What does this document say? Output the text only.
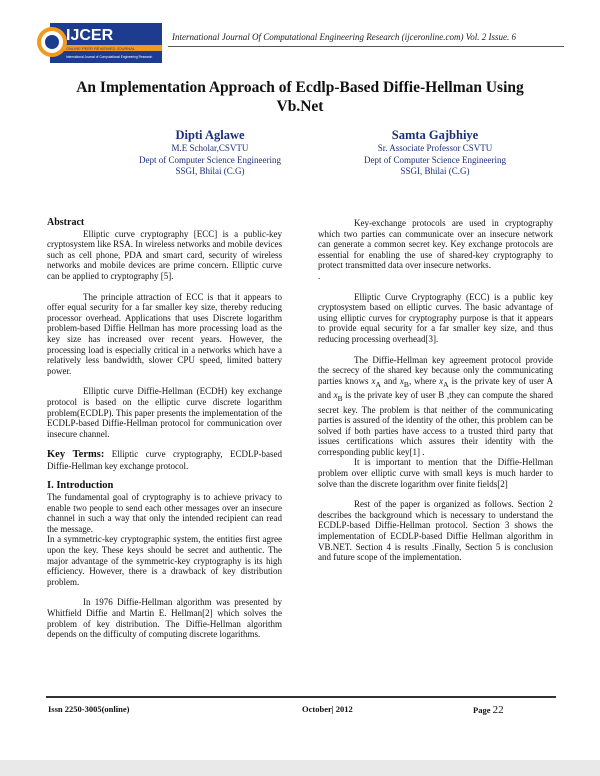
IJCER
ONLINE PEER REVIEWED JOURNAL
International Journal of Computational Engineering Research
International Journal Of Computational Engineering Research (ijceronline.com) Vol. 2 Issue. 6
An Implementation Approach of Ecdlp-Based Diffie-Hellman Using Vb.Net
Dipti Aglawe
M.E Scholar,CSVTU
Dept of Computer Science Engineering
SSGI, Bhilai (C.G)
Samta Gajbhiye
Sr. Associate Professor CSVTU
Dept of Computer Science Engineering
SSGI, Bhilai (C.G)

Abstract

Elliptic curve cryptography [ECC] is a public-key cryptosystem like RSA. In wireless networks and mobile devices such as cell phone, PDA and smart card, security of wireless networks and mobile devices are prime concern. Elliptic curve can be applied to cryptography [5].

The principle attraction of ECC is that it appears to offer equal security for a far smaller key size, thereby reducing processor overhead. Applications that uses Discrete logarithm problem-based Diffie Hellman has more processing load as the key size has increased over recent years. However, the processing load is especially critical in a networks which have a relatively less bandwidth, slower CPU speed, limited battery power.

Elliptic curve Diffie-Hellman (ECDH) key exchange protocol is based on the elliptic curve discrete logarithm problem(ECDLP). This paper presents the implementation of the ECDLP-based Diffie-Hellman protocol for communication over insecure channel.

Key Terms: Elliptic curve cryptography, ECDLP-based Diffie-Hellman key exchange protocol.

I. Introduction

The fundamental goal of cryptography is to achieve privacy to enable two people to send each other messages over an insecure channel in such a way that only the intended recipient can read the message.

In a symmetric-key cryptographic system, the entities first agree upon the key. These keys should be secret and authentic. The major advantage of the symmetric-key cryptography is its high efficiency. However, there is a drawback of key distribution problem.

In 1976 Diffie-Hellman algorithm was presented by Whitfield Diffie and Martin E. Hellman[2] which solves the problem of key distribution. The Diffie-Hellman algorithm depends on the difficulty of computing discrete logarithms.

Key-exchange protocols are used in cryptography which two parties can communicate over an insecure network can generate a common secret key. Key exchange protocols are essential for enabling the use of shared-key cryptography to protect transmitted data over insecure networks.

.

Elliptic Curve Cryptography (ECC) is a public key cryptosystem based on elliptic curves. The basic advantage of using elliptic curves for cryptography purpose is that it appears to provide equal security for a far smaller key size, and thus reducing processing overhead[3].

The Diffie-Hellman key agreement protocol provide the secrecy of the shared key because only the communicating parties knows $x_A$ and $x_B$, where $x_A$ is the private key of user A and $x_B$ is the private key of user B ,they can compute the shared secret key. The problem is that neither of the communicating parties is assured of the identity of the other, this problem can be solved if both parties have access to a trusted third party that issues certifications which assures their identity with the corresponding public key[1] .

It is important to mention that the Diffie-Hellman problem over elliptic curve with small keys is much harder to solve than the discrete logarithm over finite fields[2]

Rest of the paper is organized as follows. Section 2 describes the background which is necessary to understand the ECDLP-based Diffie-Hellman protocol. Section 3 shows the implementation of ECDLP-based Diffie Hellman algorithm in VB.NET. Section 4 is results .Finally, Section 5 is conclusion and future scope of the implementation.

Issn 2250-3005(online)	October| 2012	Page 22
